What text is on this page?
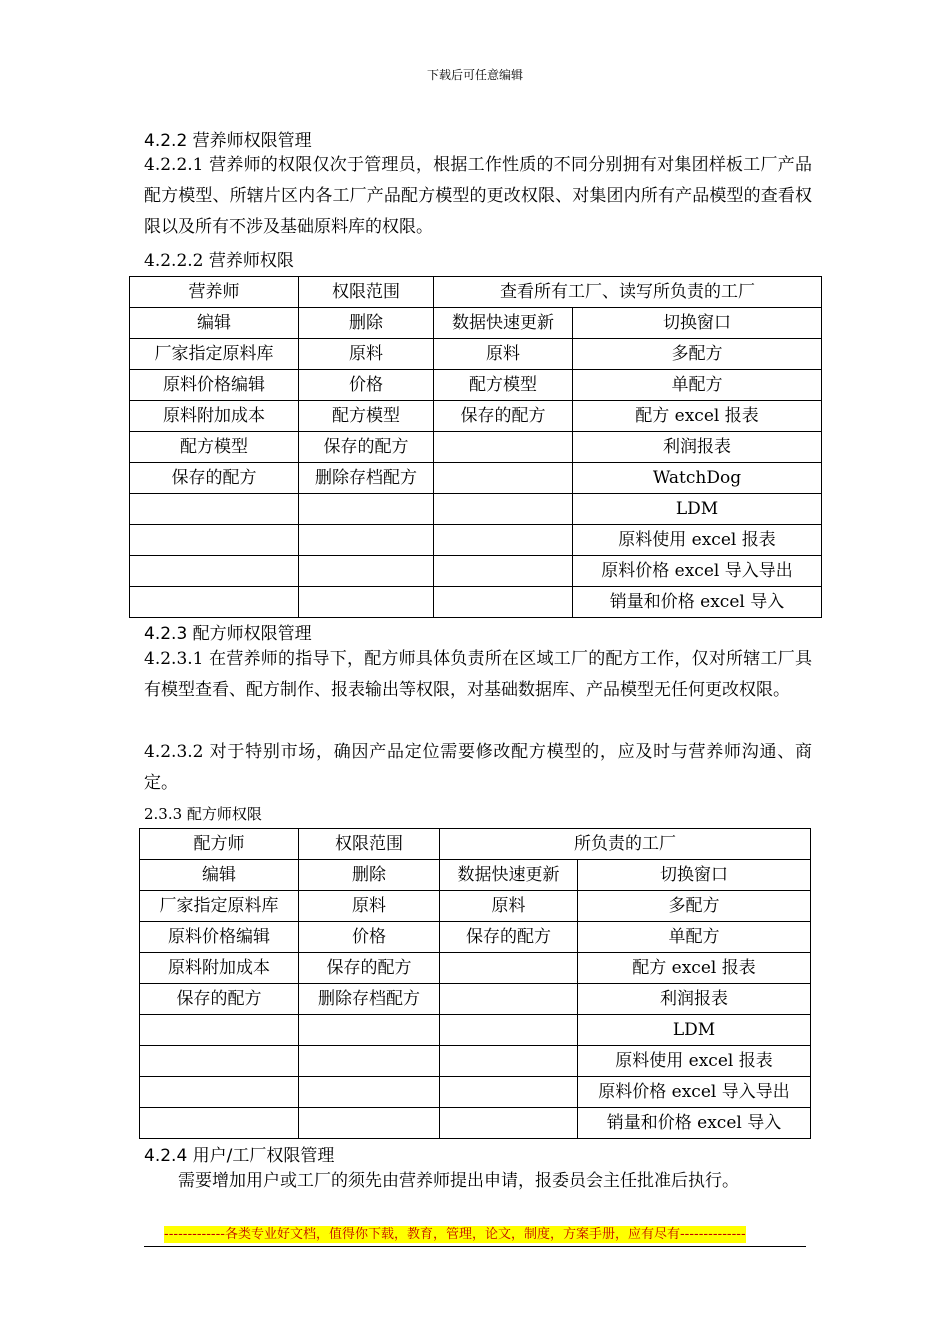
下载后可任意编辑
4.2.2 营养师权限管理
4.2.2.1 营养师的权限仅次于管理员，根据工作性质的不同分别拥有对集团样板工厂产品配方模型、所辖片区内各工厂产品配方模型的更改权限、对集团内所有产品模型的查看权限以及所有不涉及基础原料库的权限。
4.2.2.2 营养师权限
营养师	权限范围	查看所有工厂、读写所负责的工厂	
编辑	删除	数据快速更新	切换窗口
厂家指定原料库	原料	原料	多配方
原料价格编辑	价格	配方模型	单配方
原料附加成本	配方模型	保存的配方	配方 excel 报表
配方模型	保存的配方		利润报表
保存的配方	删除存档配方		WatchDog
			LDM
			原料使用 excel 报表
			原料价格 excel 导入导出
			销量和价格 excel 导入
4.2.3 配方师权限管理
4.2.3.1 在营养师的指导下，配方师具体负责所在区域工厂的配方工作，仅对所辖工厂具有模型查看、配方制作、报表输出等权限，对基础数据库、产品模型无任何更改权限。
4.2.3.2 对于特别市场，确因产品定位需要修改配方模型的，应及时与营养师沟通、商定。
2.3.3 配方师权限
配方师	权限范围	所负责的工厂	
编辑	删除	数据快速更新	切换窗口
厂家指定原料库	原料	原料	多配方
原料价格编辑	价格	保存的配方	单配方
原料附加成本	保存的配方		配方 excel 报表
保存的配方	删除存档配方		利润报表
			LDM
			原料使用 excel 报表
			原料价格 excel 导入导出
			销量和价格 excel 导入
4.2.4 用户/工厂权限管理
需要增加用户或工厂的须先由营养师提出申请，报委员会主任批准后执行。
-------------各类专业好文档，值得你下载，教育，管理，论文，制度，方案手册，应有尽有--------------
